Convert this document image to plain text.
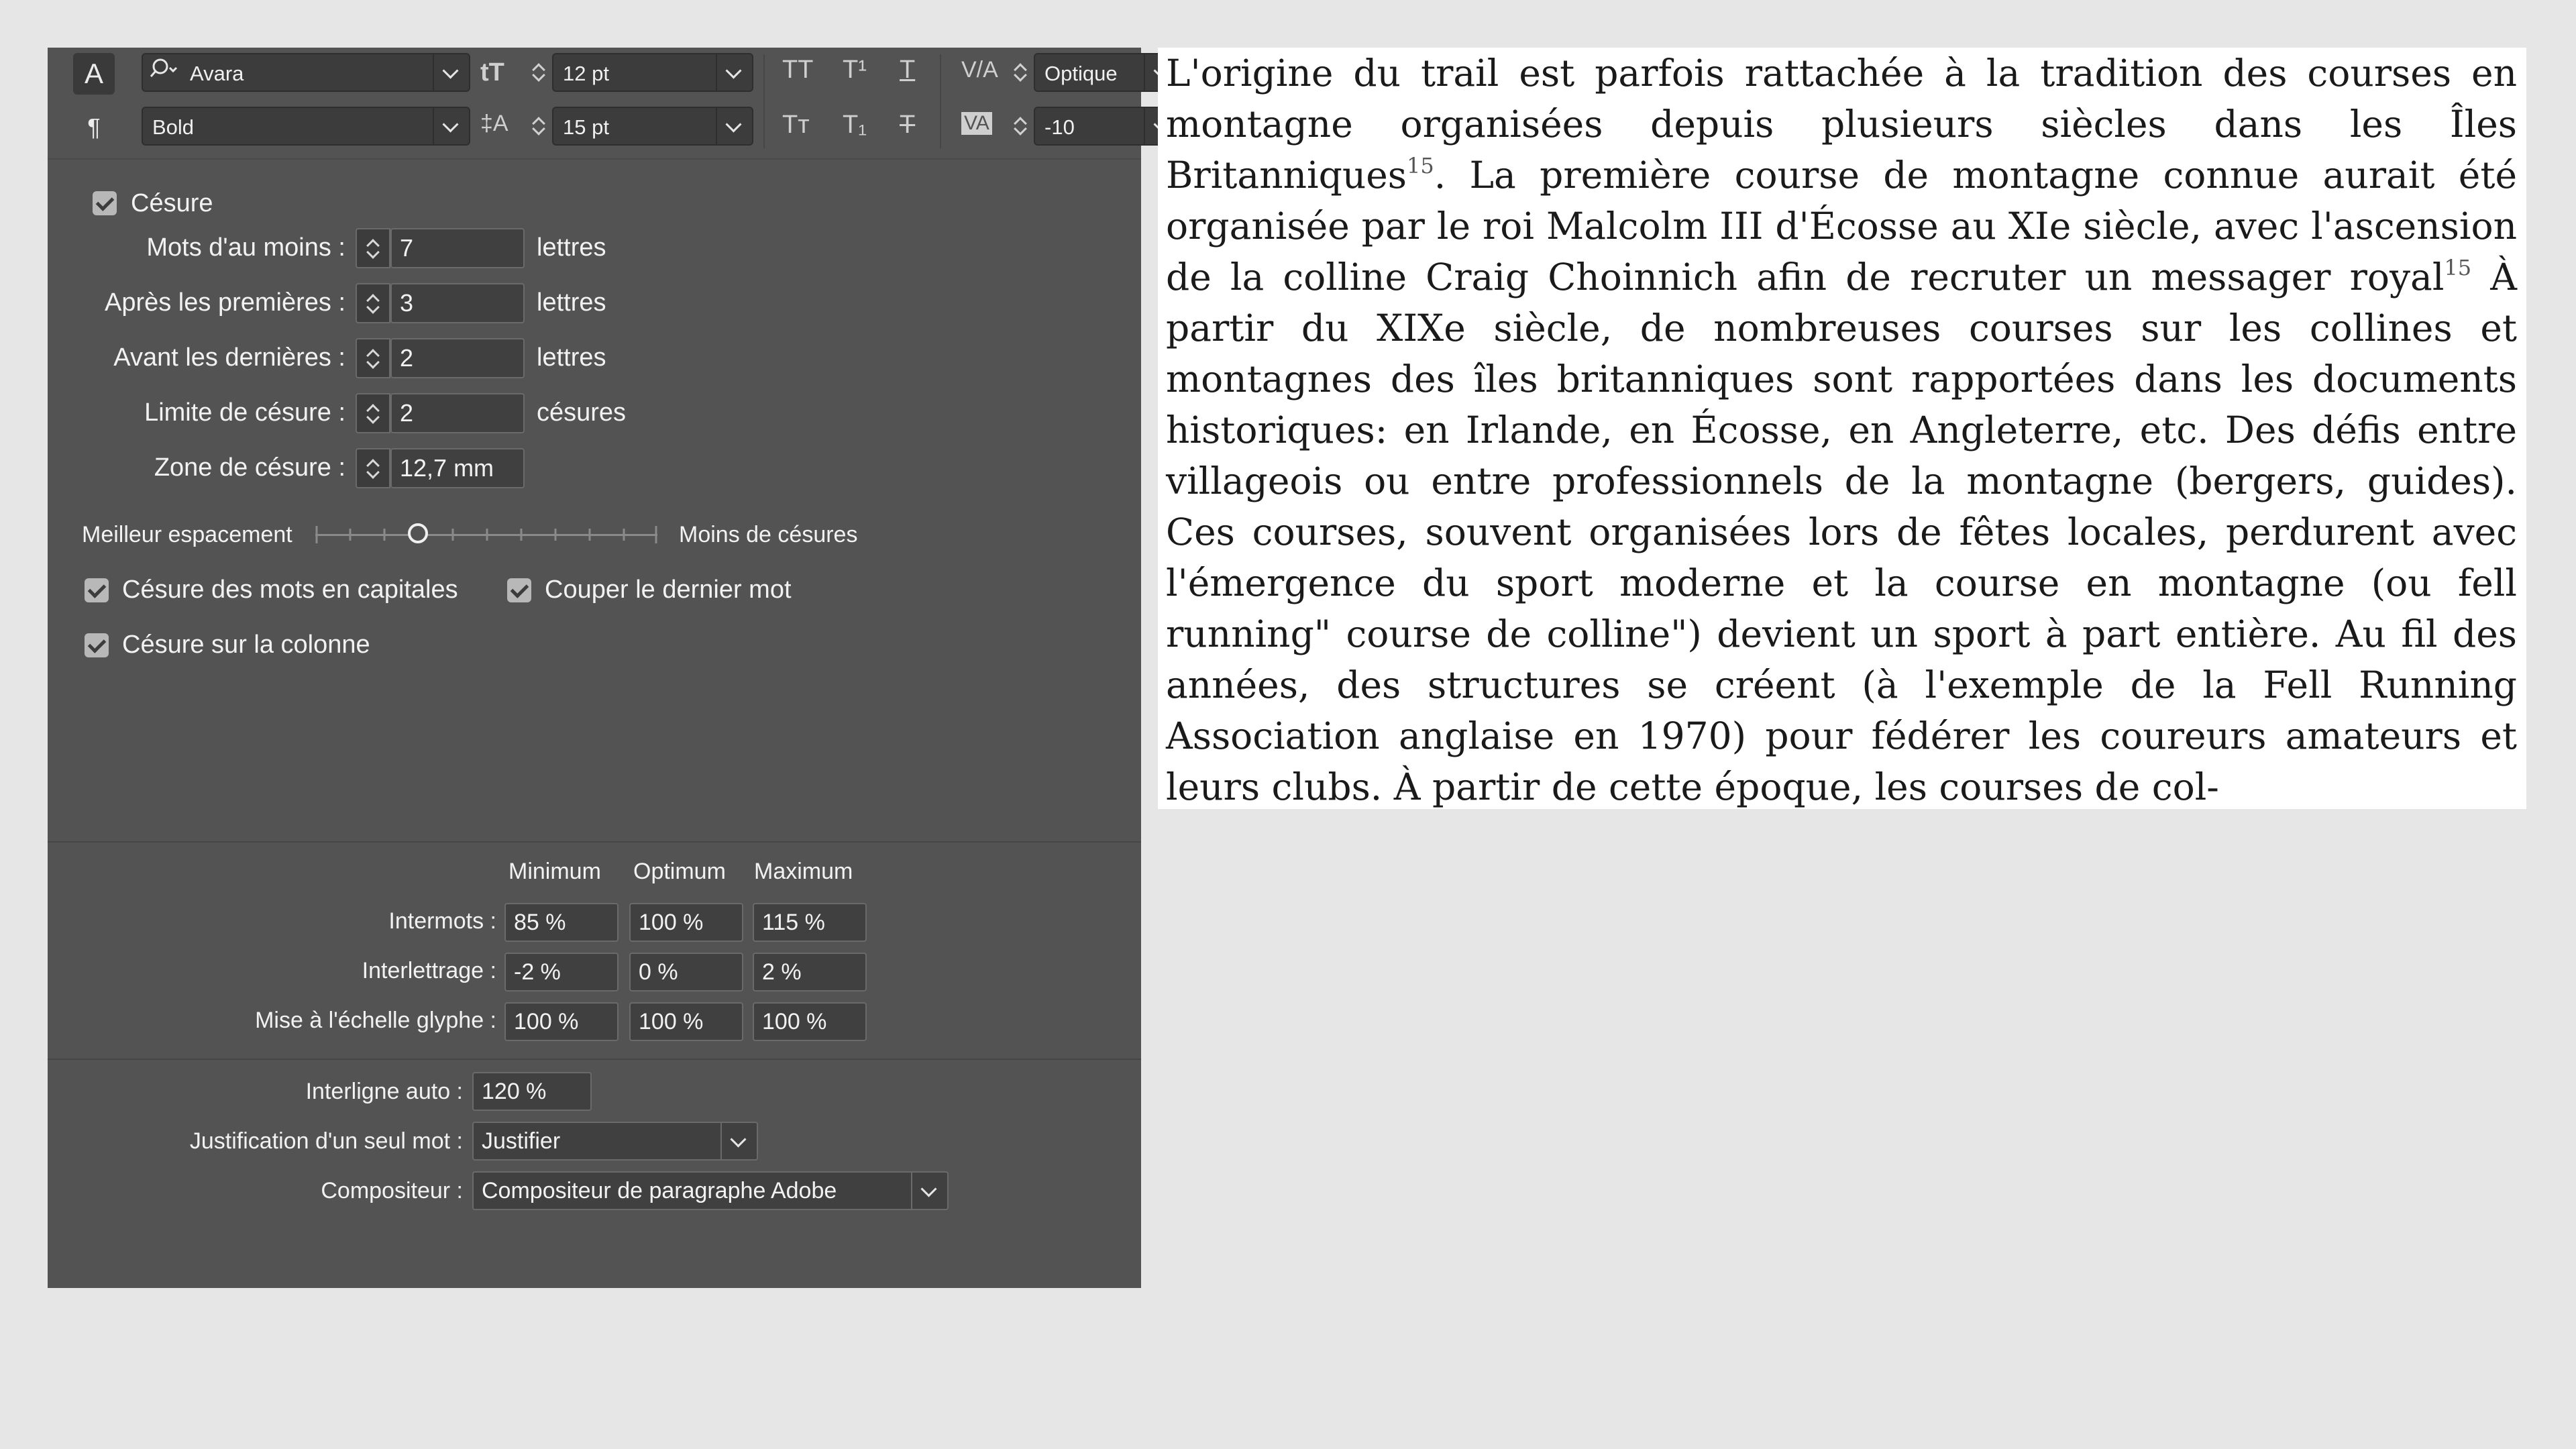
A
¶
Avara
Bold
tT	12 pt
‡A	15 pt
TT T¹ T
Tт T₁ T
V/A Optique
VA	-10
Césure
Mots d'au moins :	7	lettres
Après les premières :	3	lettres
Avant les dernières :	2	lettres
Limite de césure :	2	césures
Zone de césure :	12,7 mm
Meilleur espacement	Moins de césures
Césure des mots en capitales	Couper le dernier mot
Césure sur la colonne
Minimum Optimum Maximum
Intermots : 85 %	100 %	115 %
Interlettrage : -2 %	0 %	2 %
Mise à l'échelle glyphe : 100 %	100 %	100 %
Interligne auto : 120 %
Justification d'un seul mot : Justifier
Compositeur : Compositeur de paragraphe Adobe
L'origine du trail est parfois rattachée à la tradition des courses en montagne organisées depuis plusieurs siècles dans les Îles Britanniques$^{15}$. La première course de montagne connue aurait été organisée par le roi Malcolm III d'Écosse au XIe siècle, avec l'ascension de la colline Craig Choinnich afin de recruter un messager royal$^{15}$ À partir du XIXe siècle, de nombreuses courses sur les collines et montagnes des îles britanniques sont rapportées dans les documents historiques: en Irlande, en Écosse, en Angleterre, etc. Des défis entre villageois ou entre professionnels de la montagne (bergers, guides). Ces courses, souvent organisées lors de fêtes locales, perdurent avec l'émergence du sport moderne et la course en montagne (ou fell running" course de colline") devient un sport à part entière. Au fil des années, des structures se créent (à l'exemple de la Fell Running Association anglaise en 1970) pour fédérer les coureurs amateurs et leurs clubs. À partir de cette époque, les courses de col-
